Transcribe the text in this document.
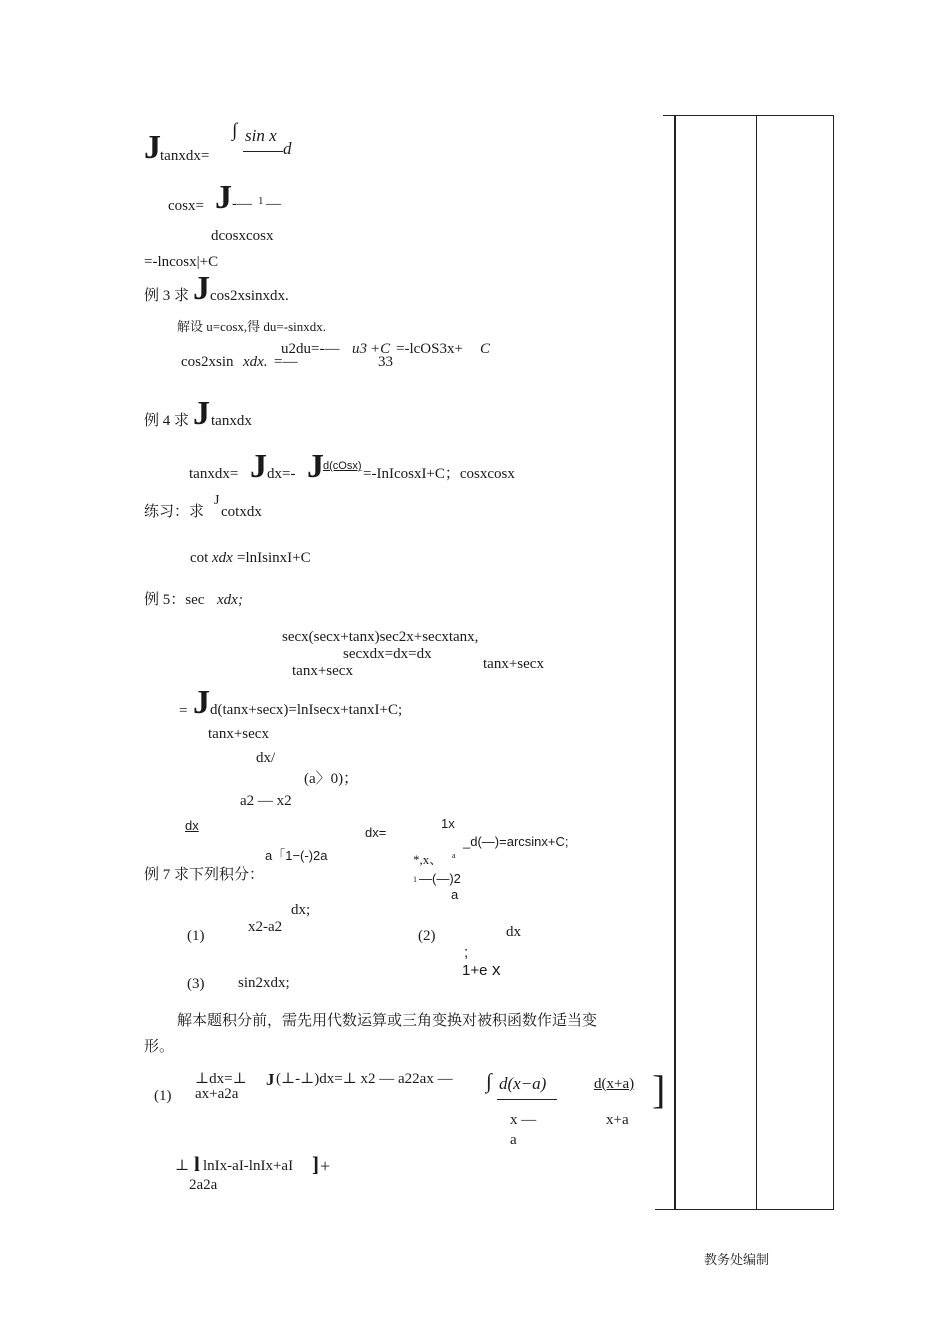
J tanxdx=
∫ sin x
d
cosx= J -— 1 —
dcosxcosx
=-lncosx|+C
例 3 求 J cos2xsinxdx.
解设 u=cosx,得 du=-sinxdx.
u2du=-— u3 +C =-lcOS3x+ C
cos2xsin xdx. =—	33
例 4 求 J tanxdx
tanxdx= J dx=- J d(cOsx) =-InIcosxI+C；cosxcosx
练习：求
J
cotxdx
cot xdx =lnIsinxI+C
例 5：sec xdx ;
secx(secx+tanx)sec2x+secxtanx,
secxdx=dx=dx
tanx+secx	tanx+secx
= J d(tanx+secx)=lnIsecx+tanxI+C;
tanx+secx
dx/
(a〉0)；
a2 — x2
dx	dx=
1x
_d(—)=arcsinx+C;
a「1−(-)2a	*,x、 a
例 7 求下列积分：	1 —(—)2
a
dx;
(1)
x2-a2
(2)	dx
;
1+e x
(3) sin2xdx;
解本题积分前，需先用代数运算或三角变换对被积函数作适当变
形。
⊥dx=⊥ J (⊥-⊥)dx=⊥ x2 — a22ax — ∫ d(x−a)	d(x+a) ]
(1) ax+a2a
x —	x+a
a
⊥ l lnIx-aI-lnIx+aI ] +
2a2a
教务处编制
